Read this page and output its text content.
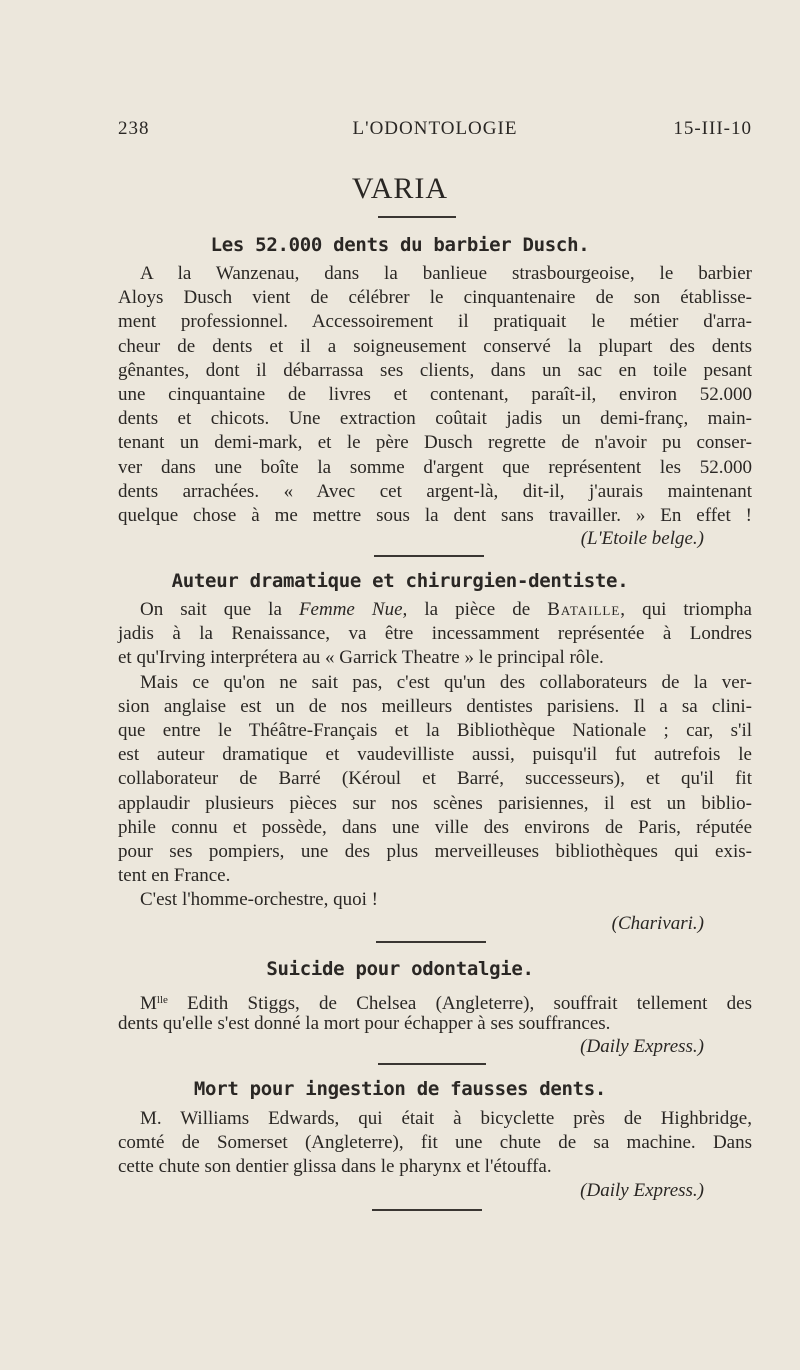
238	L'ODONTOLOGIE	15-III-10
VARIA
Les 52.000 dents du barbier Dusch.
A la Wanzenau, dans la banlieue strasbourgeoise, le barbier
Aloys Dusch vient de célébrer le cinquantenaire de son établisse-
ment professionnel. Accessoirement il pratiquait le métier d'arra-
cheur de dents et il a soigneusement conservé la plupart des dents
gênantes, dont il débarrassa ses clients, dans un sac en toile pesant
une cinquantaine de livres et contenant, paraît-il, environ 52.000
dents et chicots. Une extraction coûtait jadis un demi-franç, main-
tenant un demi-mark, et le père Dusch regrette de n'avoir pu conser-
ver dans une boîte la somme d'argent que représentent les 52.000
dents arrachées. « Avec cet argent-là, dit-il, j'aurais maintenant
quelque chose à me mettre sous la dent sans travailler. » En effet !
(L'Etoile belge.)
Auteur dramatique et chirurgien-dentiste.
On sait que la Femme Nue, la pièce de Bataille, qui triompha
jadis à la Renaissance, va être incessamment représentée à Londres
et qu'Irving interprétera au « Garrick Theatre » le principal rôle.
Mais ce qu'on ne sait pas, c'est qu'un des collaborateurs de la ver-
sion anglaise est un de nos meilleurs dentistes parisiens. Il a sa clini-
que entre le Théâtre-Français et la Bibliothèque Nationale ; car, s'il
est auteur dramatique et vaudevilliste aussi, puisqu'il fut autrefois le
collaborateur de Barré (Kéroul et Barré, successeurs), et qu'il fit
applaudir plusieurs pièces sur nos scènes parisiennes, il est un biblio-
phile connu et possède, dans une ville des environs de Paris, réputée
pour ses pompiers, une des plus merveilleuses bibliothèques qui exis-
tent en France.
C'est l'homme-orchestre, quoi !
(Charivari.)
Suicide pour odontalgie.
$M^{lle}$ Edith Stiggs, de Chelsea (Angleterre), souffrait tellement des
dents qu'elle s'est donné la mort pour échapper à ses souffrances.
(Daily Express.)
Mort pour ingestion de fausses dents.
M. Williams Edwards, qui était à bicyclette près de Highbridge,
comté de Somerset (Angleterre), fit une chute de sa machine. Dans
cette chute son dentier glissa dans le pharynx et l'étouffa.
(Daily Express.)
